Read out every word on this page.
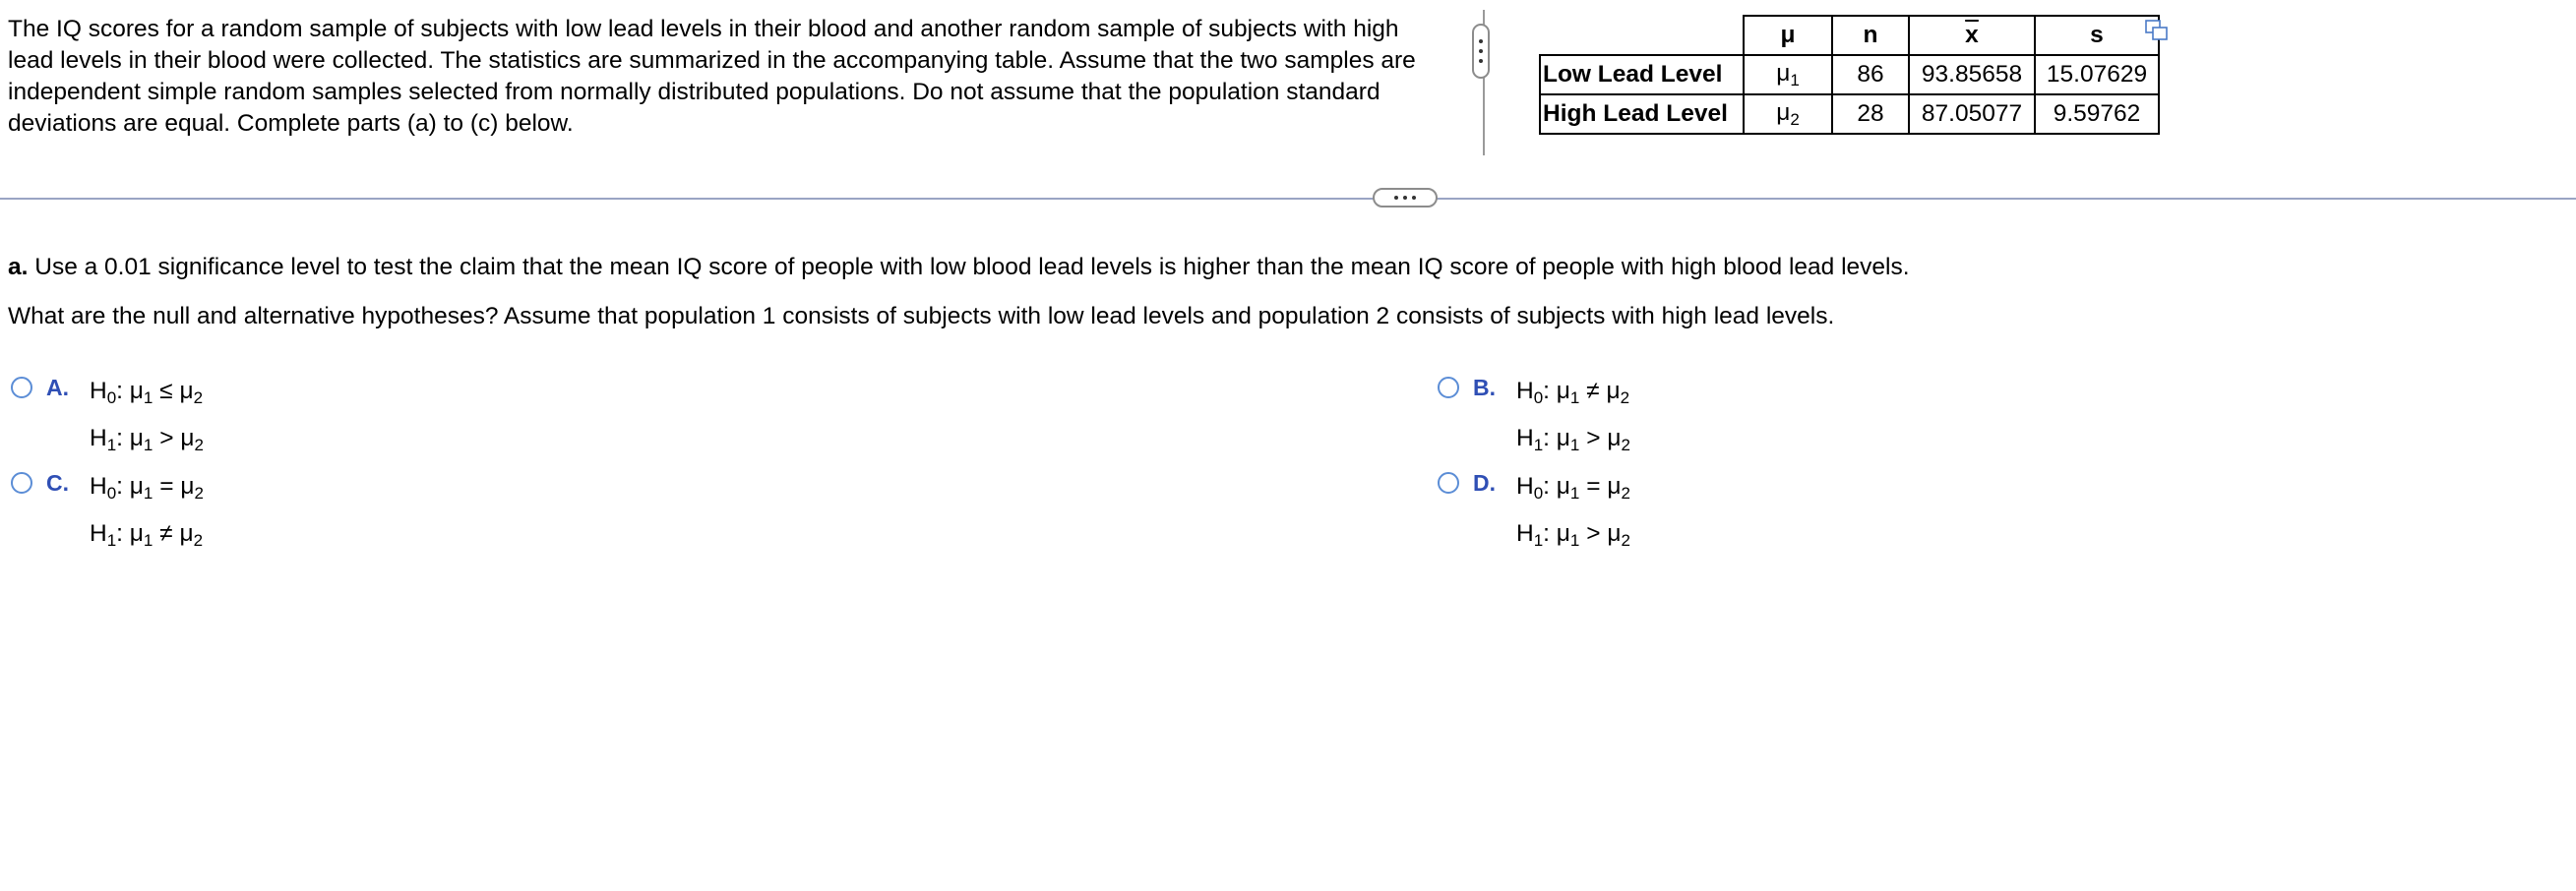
The IQ scores for a random sample of subjects with low lead levels in their blood and another random sample of subjects with high lead levels in their blood were collected. The statistics are summarized in the accompanying table. Assume that the two samples are independent simple random samples selected from normally distributed populations. Do not assume that the population standard deviations are equal. Complete parts (a) to (c) below.
	μ	n	$\overline{x}$	s
Low Lead Level	$\mu_1$	86	93.85658	15.07629
High Lead Level	$\mu_2$	28	87.05077	9.59762
a. Use a 0.01 significance level to test the claim that the mean IQ score of people with low blood lead levels is higher than the mean IQ score of people with high blood lead levels.
What are the null and alternative hypotheses? Assume that population 1 consists of subjects with low lead levels and population 2 consists of subjects with high lead levels.
A. $H_0$: $\mu_1 \le \mu_2$
$H_1$: $\mu_1 > \mu_2$
B. $H_0$: $\mu_1 \ne \mu_2$
$H_1$: $\mu_1 > \mu_2$
C. $H_0$: $\mu_1 = \mu_2$
$H_1$: $\mu_1 \ne \mu_2$
D. $H_0$: $\mu_1 = \mu_2$
$H_1$: $\mu_1 > \mu_2$
